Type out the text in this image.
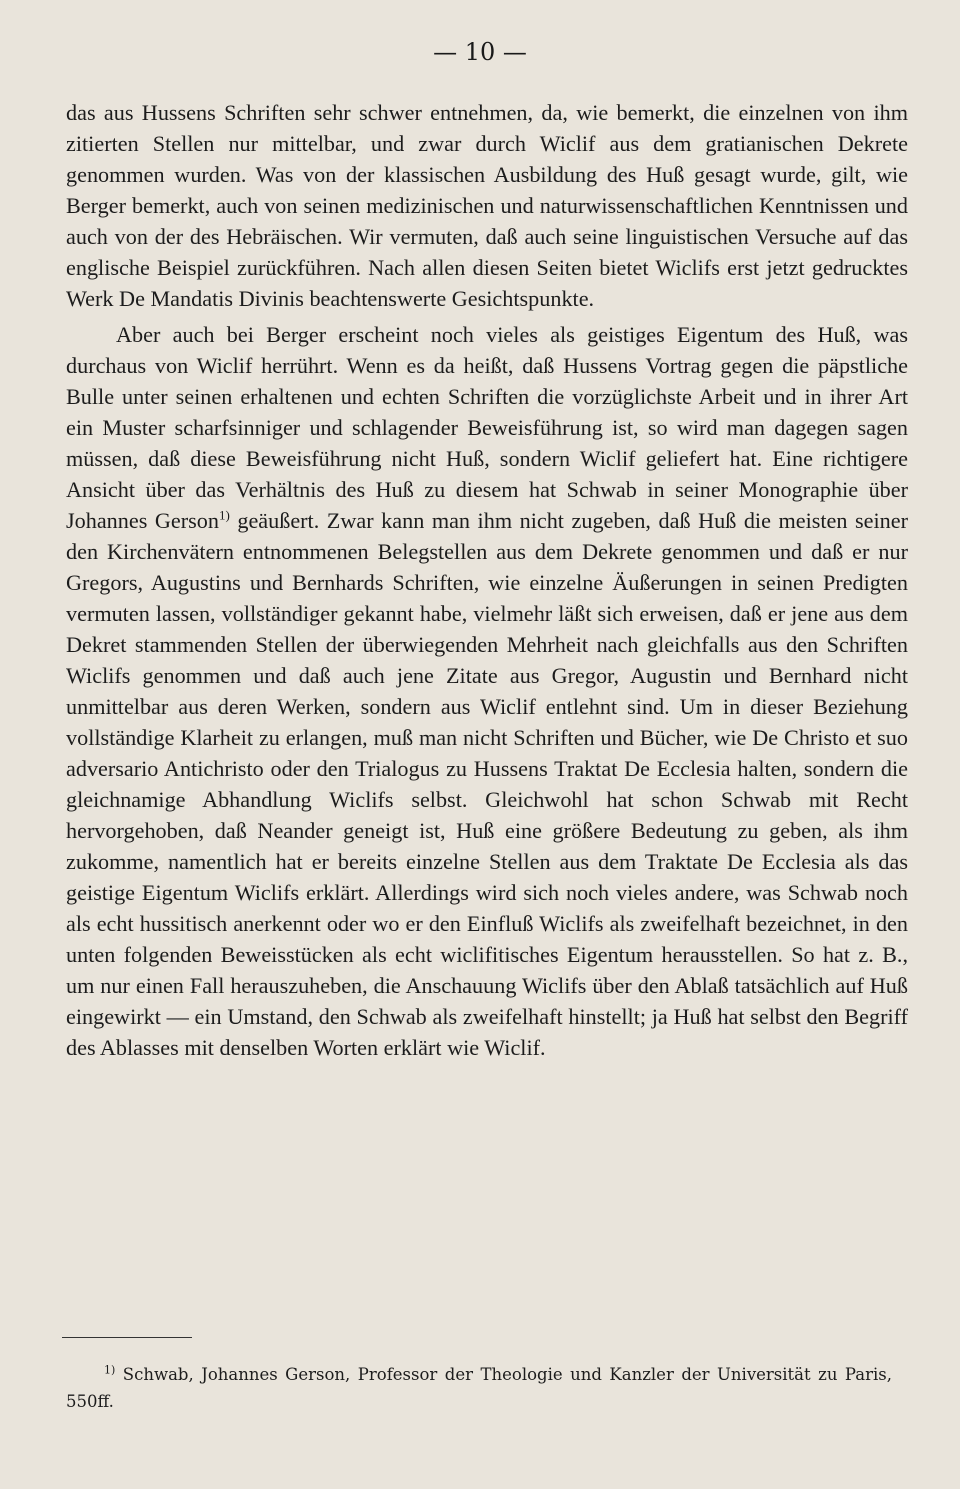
— 10 —

das aus Hussens Schriften sehr schwer entnehmen, da, wie bemerkt, die einzelnen von ihm zitierten Stellen nur mittelbar, und zwar durch Wiclif aus dem gratianischen Dekrete genommen wurden. Was von der klassischen Ausbildung des Huß gesagt wurde, gilt, wie Berger bemerkt, auch von seinen medizinischen und naturwissenschaftlichen Kenntnissen und auch von der des Hebräischen. Wir vermuten, daß auch seine linguistischen Versuche auf das englische Beispiel zurückführen. Nach allen diesen Seiten bietet Wiclifs erst jetzt gedrucktes Werk De Mandatis Divinis beachtenswerte Gesichtspunkte.

Aber auch bei Berger erscheint noch vieles als geistiges Eigentum des Huß, was durchaus von Wiclif herrührt. Wenn es da heißt, daß Hussens Vortrag gegen die päpstliche Bulle unter seinen erhaltenen und echten Schriften die vorzüglichste Arbeit und in ihrer Art ein Muster scharfsinniger und schlagender Beweisführung ist, so wird man dagegen sagen müssen, daß diese Beweisführung nicht Huß, sondern Wiclif geliefert hat. Eine richtigere Ansicht über das Verhältnis des Huß zu diesem hat Schwab in seiner Monographie über Johannes Gerson$^{1)}$ geäußert. Zwar kann man ihm nicht zugeben, daß Huß die meisten seiner den Kirchenvätern entnommenen Belegstellen aus dem Dekrete genommen und daß er nur Gregors, Augustins und Bernhards Schriften, wie einzelne Äußerungen in seinen Predigten vermuten lassen, vollständiger gekannt habe, vielmehr läßt sich erweisen, daß er jene aus dem Dekret stammenden Stellen der überwiegenden Mehrheit nach gleichfalls aus den Schriften Wiclifs genommen und daß auch jene Zitate aus Gregor, Augustin und Bernhard nicht unmittelbar aus deren Werken, sondern aus Wiclif entlehnt sind. Um in dieser Beziehung vollständige Klarheit zu erlangen, muß man nicht Schriften und Bücher, wie De Christo et suo adversario Antichristo oder den Trialogus zu Hussens Traktat De Ecclesia halten, sondern die gleichnamige Abhandlung Wiclifs selbst. Gleichwohl hat schon Schwab mit Recht hervorgehoben, daß Neander geneigt ist, Huß eine größere Bedeutung zu geben, als ihm zukomme, namentlich hat er bereits einzelne Stellen aus dem Traktate De Ecclesia als das geistige Eigentum Wiclifs erklärt. Allerdings wird sich noch vieles andere, was Schwab noch als echt hussitisch anerkennt oder wo er den Einfluß Wiclifs als zweifelhaft bezeichnet, in den unten folgenden Beweisstücken als echt wiclifitisches Eigentum herausstellen. So hat z. B., um nur einen Fall herauszuheben, die Anschauung Wiclifs über den Ablaß tatsächlich auf Huß eingewirkt — ein Umstand, den Schwab als zweifelhaft hinstellt; ja Huß hat selbst den Begriff des Ablasses mit denselben Worten erklärt wie Wiclif.

$^{1)}$ Schwab, Johannes Gerson, Professor der Theologie und Kanzler der Universität zu Paris, 550ff.
